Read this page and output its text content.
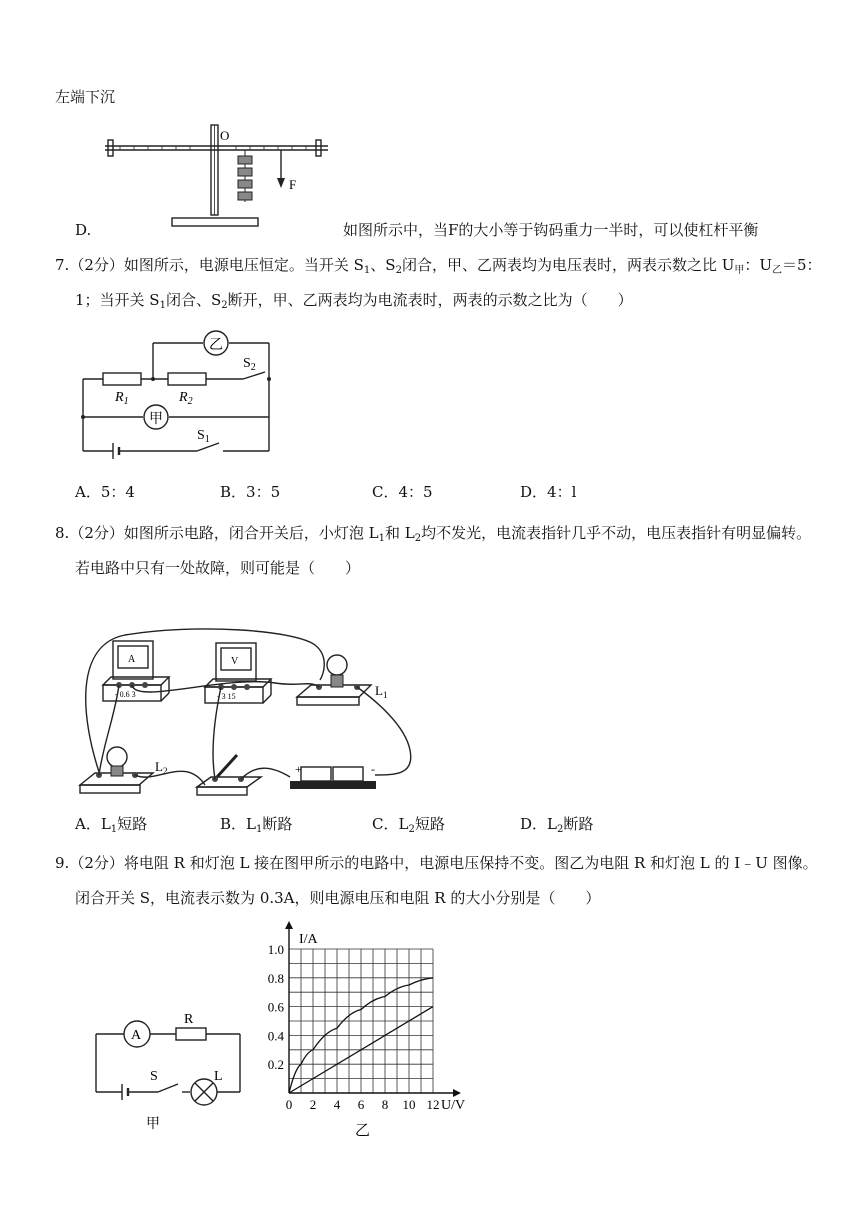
左端下沉
O
F
D.	如图所示中，当F的大小等于钩码重力一半时，可以使杠杆平衡
7.（2分）如图所示，电源电压恒定。当开关 $S_1$、$S_2$闭合，甲、乙两表均为电压表时，两表示数之比 $U_甲$：$U_乙=5$：
1；当开关 $S_1$闭合、$S_2$断开，甲、乙两表均为电流表时，两表的示数之比为（　　）
乙
甲
$R_1$	$R_2$
$S_2$
$S_1$
A．5：4	B．3：5	C．4：5	D．4：l
8.（2分）如图所示电路，闭合开关后，小灯泡 $L_1$和 $L_2$均不发光，电流表指针几乎不动，电压表指针有明显偏转。
若电路中只有一处故障，则可能是（　　）
A
- 0.6 3
V
- 3 15	$L_1$
$L_2$	+	-
A．$L_1$短路	B．$L_1$断路	C．$L_2$短路	D．$L_2$断路
9.（2分）将电阻 R 和灯泡 L 接在图甲所示的电路中，电源电压保持不变。图乙为电阻 R 和灯泡 L 的 I﹣U 图像。
闭合开关 S，电流表示数为 0.3A，则电源电压和电阻 R 的大小分别是（　　）
A
R
S	L
甲
0 2 4 6 8 10 12
0.2
0.4
0.6
0.8
1.0
I/A
U/V
乙
